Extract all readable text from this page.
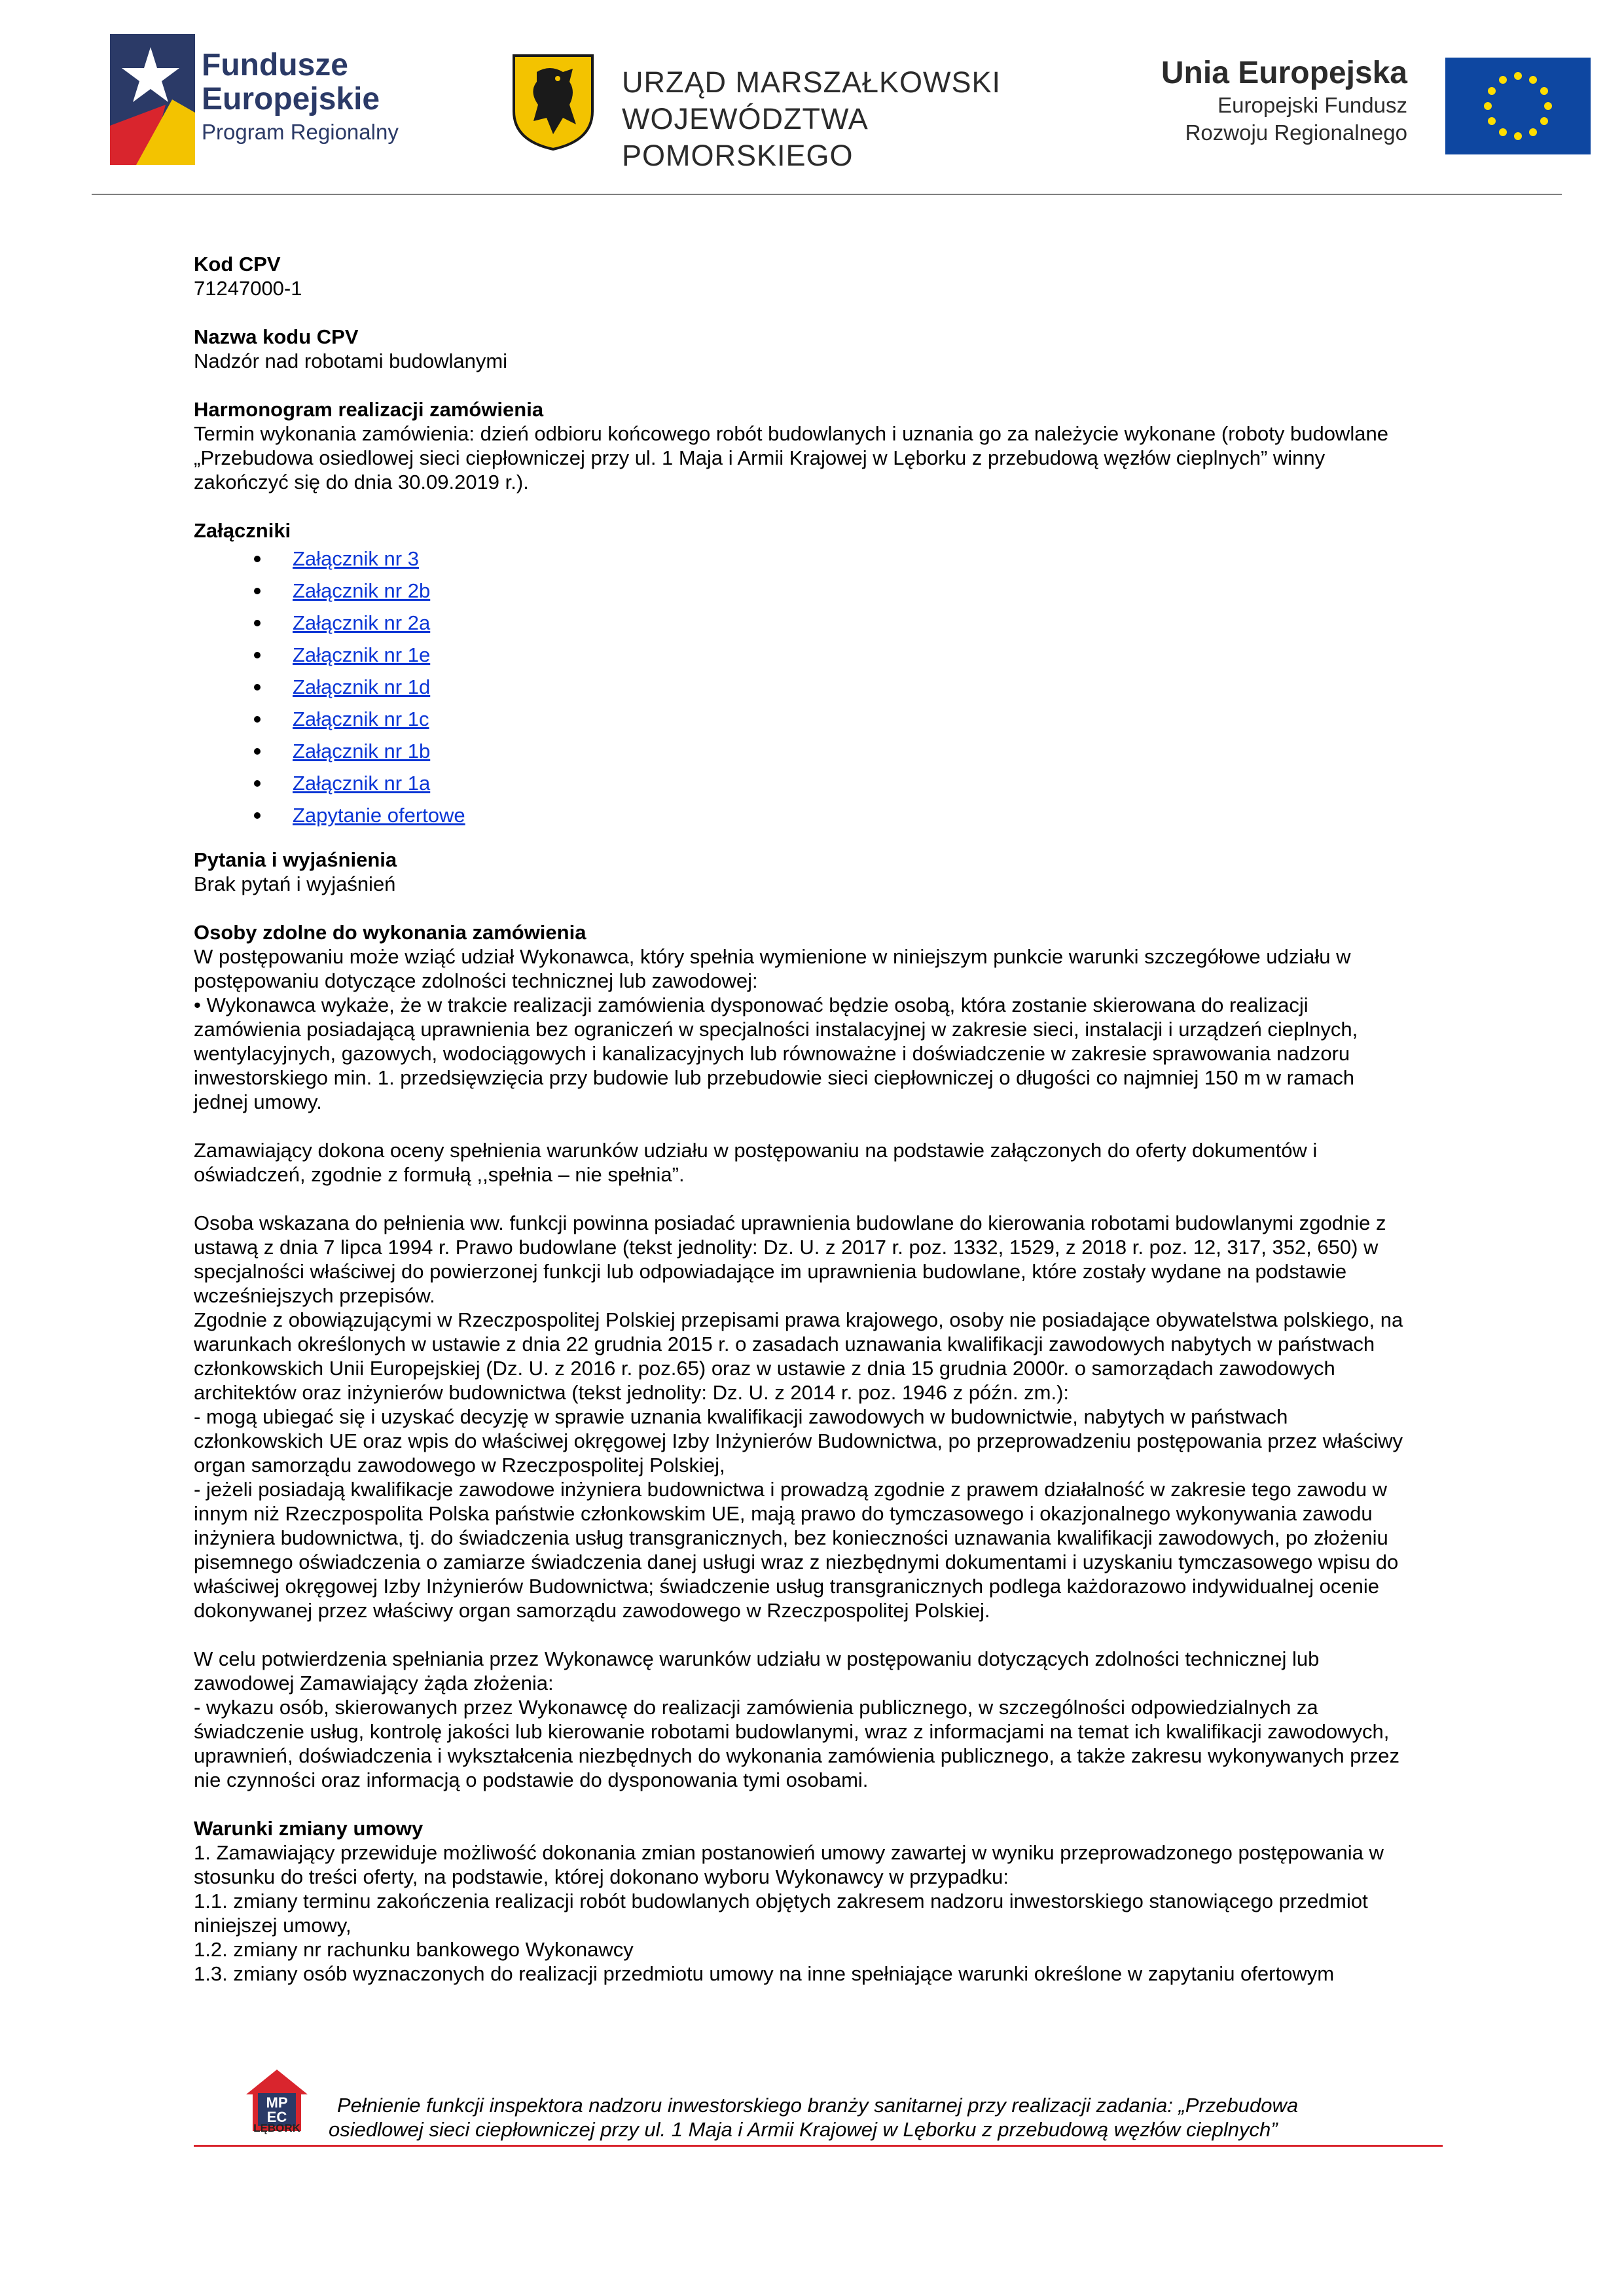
Fundusze
Europejskie
Program Regionalny
URZĄD MARSZAŁKOWSKI
WOJEWÓDZTWA POMORSKIEGO
Unia Europejska
Europejski Fundusz
Rozwoju Regionalnego

Kod CPV

71247000-1

Nazwa kodu CPV

Nadzór nad robotami budowlanymi

Harmonogram realizacji zamówienia

Termin wykonania zamówienia: dzień odbioru końcowego robót budowlanych i uznania go za należycie wykonane (roboty budowlane

„Przebudowa osiedlowej sieci ciepłowniczej przy ul. 1 Maja i Armii Krajowej w Lęborku z przebudową węzłów cieplnych” winny

zakończyć się do dnia 30.09.2019 r.).

Załączniki

Załącznik nr 3
Załącznik nr 2b
Załącznik nr 2a
Załącznik nr 1e
Załącznik nr 1d
Załącznik nr 1c
Załącznik nr 1b
Załącznik nr 1a
Zapytanie ofertowe

Pytania i wyjaśnienia

Brak pytań i wyjaśnień

Osoby zdolne do wykonania zamówienia

W postępowaniu może wziąć udział Wykonawca, który spełnia wymienione w niniejszym punkcie warunki szczegółowe udziału w

postępowaniu dotyczące zdolności technicznej lub zawodowej:

• Wykonawca wykaże, że w trakcie realizacji zamówienia dysponować będzie osobą, która zostanie skierowana do realizacji

zamówienia posiadającą uprawnienia bez ograniczeń w specjalności instalacyjnej w zakresie sieci, instalacji i urządzeń cieplnych,

wentylacyjnych, gazowych, wodociągowych i kanalizacyjnych lub równoważne i doświadczenie w zakresie sprawowania nadzoru

inwestorskiego min. 1. przedsięwzięcia przy budowie lub przebudowie sieci ciepłowniczej o długości co najmniej 150 m w ramach

jednej umowy.

Zamawiający dokona oceny spełnienia warunków udziału w postępowaniu na podstawie załączonych do oferty dokumentów i

oświadczeń, zgodnie z formułą ,,spełnia – nie spełnia”.

Osoba wskazana do pełnienia ww. funkcji powinna posiadać uprawnienia budowlane do kierowania robotami budowlanymi zgodnie z

ustawą z dnia 7 lipca 1994 r. Prawo budowlane (tekst jednolity: Dz. U. z 2017 r. poz. 1332, 1529, z 2018 r. poz. 12, 317, 352, 650) w

specjalności właściwej do powierzonej funkcji lub odpowiadające im uprawnienia budowlane, które zostały wydane na podstawie

wcześniejszych przepisów.

Zgodnie z obowiązującymi w Rzeczpospolitej Polskiej przepisami prawa krajowego, osoby nie posiadające obywatelstwa polskiego, na

warunkach określonych w ustawie z dnia 22 grudnia 2015 r. o zasadach uznawania kwalifikacji zawodowych nabytych w państwach

członkowskich Unii Europejskiej (Dz. U. z 2016 r. poz.65) oraz w ustawie z dnia 15 grudnia 2000r. o samorządach zawodowych

architektów oraz inżynierów budownictwa (tekst jednolity: Dz. U. z 2014 r. poz. 1946 z późn. zm.):

- mogą ubiegać się i uzyskać decyzję w sprawie uznania kwalifikacji zawodowych w budownictwie, nabytych w państwach

członkowskich UE oraz wpis do właściwej okręgowej Izby Inżynierów Budownictwa, po przeprowadzeniu postępowania przez właściwy

organ samorządu zawodowego w Rzeczpospolitej Polskiej,

- jeżeli posiadają kwalifikacje zawodowe inżyniera budownictwa i prowadzą zgodnie z prawem działalność w zakresie tego zawodu w

innym niż Rzeczpospolita Polska państwie członkowskim UE, mają prawo do tymczasowego i okazjonalnego wykonywania zawodu

inżyniera budownictwa, tj. do świadczenia usług transgranicznych, bez konieczności uznawania kwalifikacji zawodowych, po złożeniu

pisemnego oświadczenia o zamiarze świadczenia danej usługi wraz z niezbędnymi dokumentami i uzyskaniu tymczasowego wpisu do

właściwej okręgowej Izby Inżynierów Budownictwa; świadczenie usług transgranicznych podlega każdorazowo indywidualnej ocenie

dokonywanej przez właściwy organ samorządu zawodowego w Rzeczpospolitej Polskiej.

W celu potwierdzenia spełniania przez Wykonawcę warunków udziału w postępowaniu dotyczących zdolności technicznej lub

zawodowej Zamawiający żąda złożenia:

- wykazu osób, skierowanych przez Wykonawcę do realizacji zamówienia publicznego, w szczególności odpowiedzialnych za

świadczenie usług, kontrolę jakości lub kierowanie robotami budowlanymi, wraz z informacjami na temat ich kwalifikacji zawodowych,

uprawnień, doświadczenia i wykształcenia niezbędnych do wykonania zamówienia publicznego, a także zakresu wykonywanych przez

nie czynności oraz informacją o podstawie do dysponowania tymi osobami.

Warunki zmiany umowy

1. Zamawiający przewiduje możliwość dokonania zmian postanowień umowy zawartej w wyniku przeprowadzonego postępowania w

stosunku do treści oferty, na podstawie, której dokonano wyboru Wykonawcy w przypadku:

1.1. zmiany terminu zakończenia realizacji robót budowlanych objętych zakresem nadzoru inwestorskiego stanowiącego przedmiot

niniejszej umowy,

1.2. zmiany nr rachunku bankowego Wykonawcy

1.3. zmiany osób wyznaczonych do realizacji przedmiotu umowy na inne spełniające warunki określone w zapytaniu ofertowym

MP
EC
LĘBORK
Pełnienie funkcji inspektora nadzoru inwestorskiego branży sanitarnej przy realizacji zadania: „Przebudowa
osiedlowej sieci ciepłowniczej przy ul. 1 Maja i Armii Krajowej w Lęborku z przebudową węzłów cieplnych”
